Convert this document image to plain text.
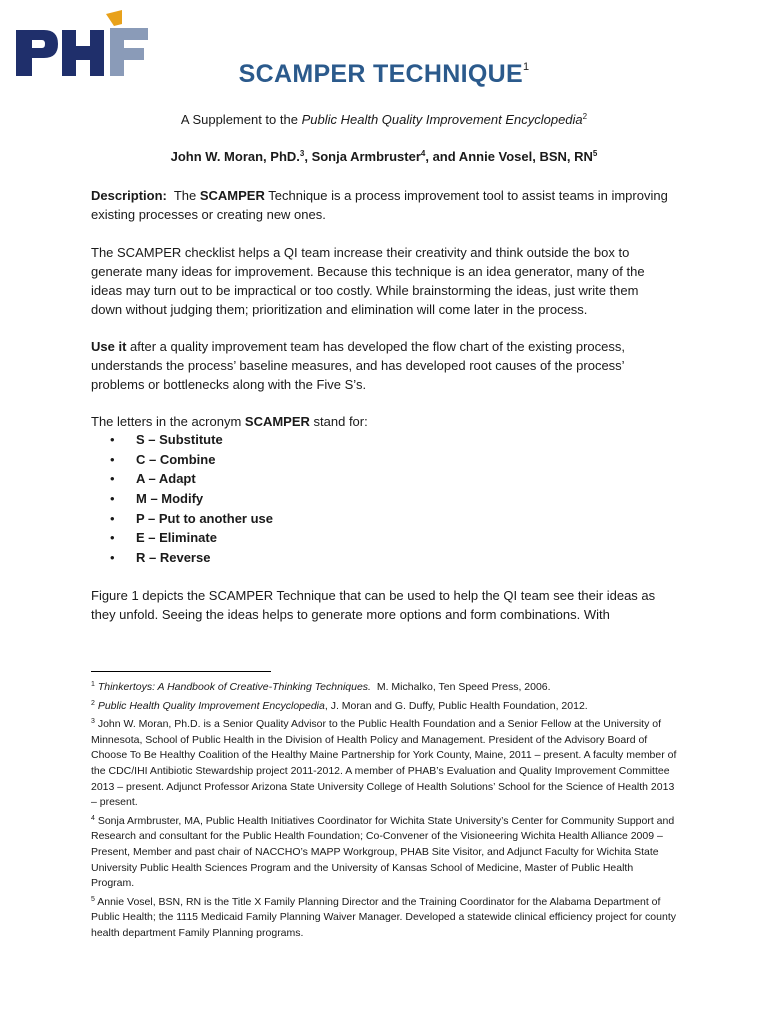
SCAMPER TECHNIQUE$^1$
A Supplement to the Public Health Quality Improvement Encyclopedia$^2$
John W. Moran, PhD.$^3$, Sonja Armbruster$^4$, and Annie Vosel, BSN, $RN^5$
Description:  The SCAMPER Technique is a process improvement tool to assist teams in improving existing processes or creating new ones.
The SCAMPER checklist helps a QI team increase their creativity and think outside the box to generate many ideas for improvement. Because this technique is an idea generator, many of the ideas may turn out to be impractical or too costly. While brainstorming the ideas, just write them down without judging them; prioritization and elimination will come later in the process.
Use it after a quality improvement team has developed the flow chart of the existing process, understands the process’ baseline measures, and has developed root causes of the process’ problems or bottlenecks along with the Five S’s.
The letters in the acronym SCAMPER stand for:
• S – Substitute
• C – Combine
• A – Adapt
• M – Modify
• P – Put to another use
• E – Eliminate
• R – Reverse
Figure 1 depicts the SCAMPER Technique that can be used to help the QI team see their ideas as they unfold. Seeing the ideas helps to generate more options and form combinations. With

$^1$ Thinkertoys: A Handbook of Creative-Thinking Techniques.  M. Michalko, Ten Speed Press, 2006.

$^2$ Public Health Quality Improvement Encyclopedia, J. Moran and G. Duffy, Public Health Foundation, 2012.

$^3$ John W. Moran, Ph.D. is a Senior Quality Advisor to the Public Health Foundation and a Senior Fellow at the University of Minnesota, School of Public Health in the Division of Health Policy and Management. President of the Advisory Board of Choose To Be Healthy Coalition of the Healthy Maine Partnership for York County, Maine, 2011 – present. A faculty member of the CDC/IHI Antibiotic Stewardship project 2011-2012. A member of PHAB’s Evaluation and Quality Improvement Committee 2013 – present. Adjunct Professor Arizona State University College of Health Solutions’ School for the Science of Health 2013 – present.

$^4$ Sonja Armbruster, MA, Public Health Initiatives Coordinator for Wichita State University’s Center for Community Support and Research and consultant for the Public Health Foundation; Co-Convener of the Visioneering Wichita Health Alliance 2009 – Present, Member and past chair of NACCHO’s MAPP Workgroup, PHAB Site Visitor, and Adjunct Faculty for Wichita State University Public Health Sciences Program and the University of Kansas School of Medicine, Master of Public Health Program.

$^5$ Annie Vosel, BSN, RN is the Title X Family Planning Director and the Training Coordinator for the Alabama Department of Public Health; the 1115 Medicaid Family Planning Waiver Manager. Developed a statewide clinical efficiency project for county health department Family Planning programs.
